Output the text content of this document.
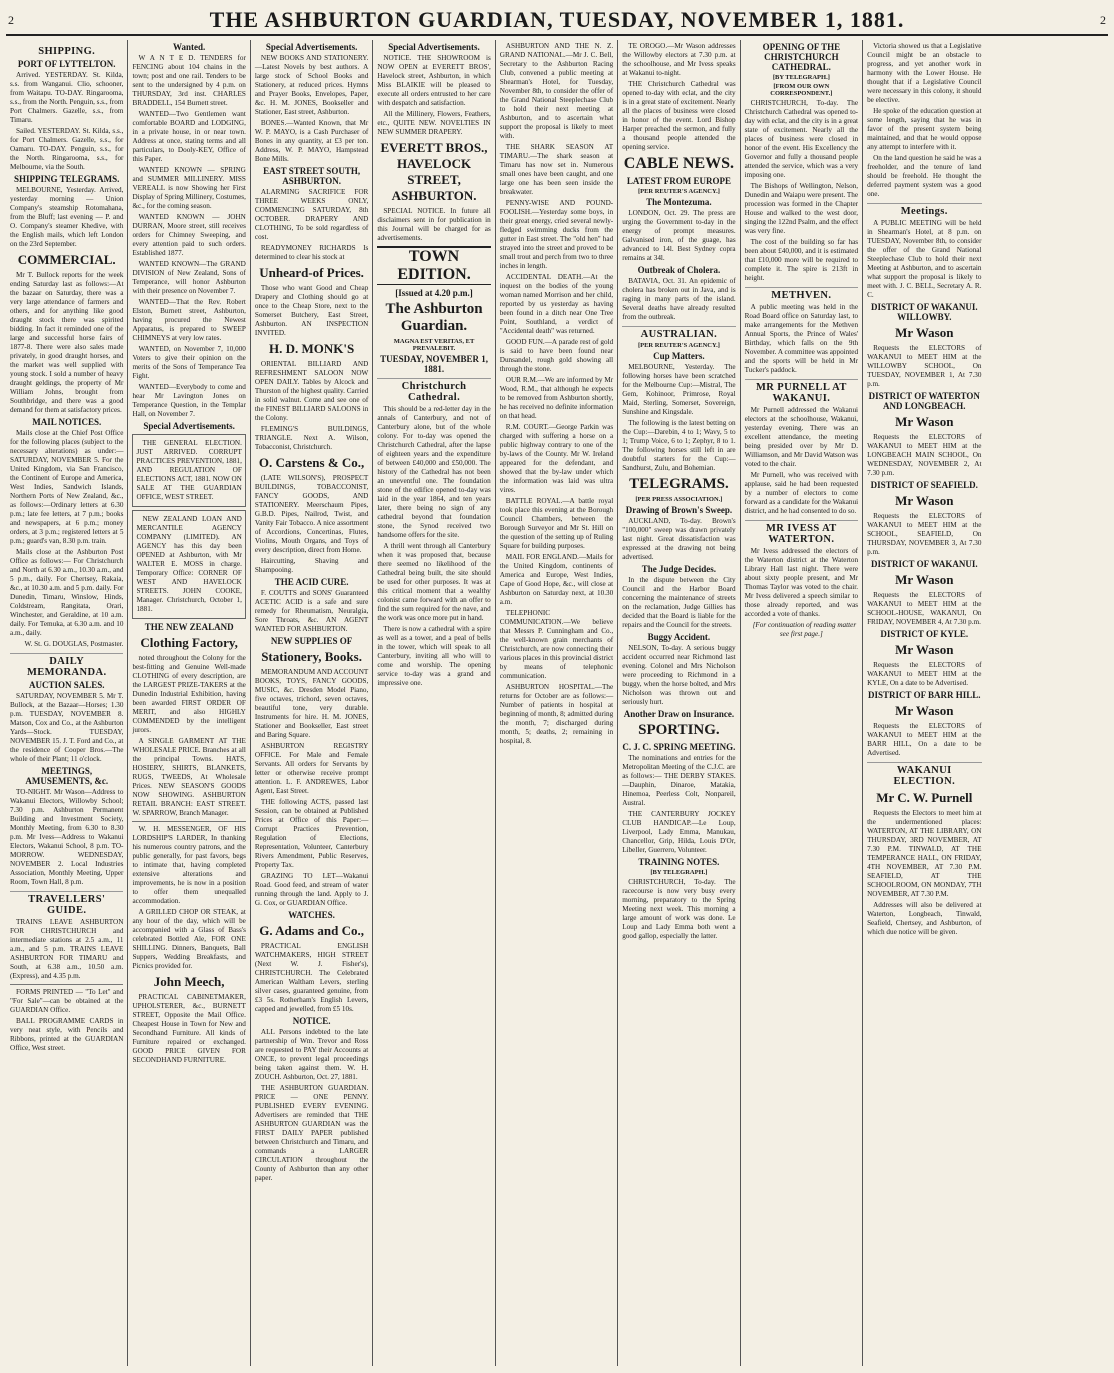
2	THE ASHBURTON GUARDIAN, TUESDAY, NOVEMBER 1, 1881.	2
SHIPPING.
PORT OF LYTTELTON.

Arrived. YESTERDAY. St. Kilda, s.s. from Wanganui. Clio, schooner, from Waitapu. TO-DAY. Ringarooma, s.s., from the North. Penguin, s.s., from Port Chalmers. Gazelle, s.s., from Timaru.

Sailed. YESTERDAY. St. Kilda, s.s., for Port Chalmers. Gazelle, s.s., for Oamaru. TO-DAY. Penguin, s.s., for the North. Ringarooma, s.s., for Melbourne, via the South.

SHIPPING TELEGRAMS.

MELBOURNE, Yesterday. Arrived, yesterday morning — Union Company's steamship Rotomahana, from the Bluff; last evening — P. and O. Company's steamer Khedive, with the English mails, which left London on the 23rd September.

COMMERCIAL.

Mr T. Bullock reports for the week ending Saturday last as follows:—At the bazaar on Saturday, there was a very large attendance of farmers and others, and for anything like good draught stock there was spirited bidding. In fact it reminded one of the large and successful horse fairs of 1877-8. There were also sales made privately, in good draught horses, and the market was well supplied with young stock. I sold a number of heavy draught geldings, the property of Mr William Johns, brought from Southbridge, and there was a good demand for them at satisfactory prices.

MAIL NOTICES.

Mails close at the Chief Post Office for the following places (subject to the necessary alterations) as under:— SATURDAY, NOVEMBER 5. For the United Kingdom, via San Francisco, the Continent of Europe and America, West Indies, Sandwich Islands, Northern Ports of New Zealand, &c., as follows:—Ordinary letters at 6.30 p.m.; late fee letters, at 7 p.m.; books and newspapers, at 6 p.m.; money orders, at 3 p.m.; registered letters at 5 p.m.; guard's van, 8.30 p.m. train.

Mails close at the Ashburton Post Office as follows:— For Christchurch and North at 6.30 a.m., 10.30 a.m., and 5 p.m., daily. For Chertsey, Rakaia, &c., at 10.30 a.m. and 5 p.m. daily. For Dunedin, Timaru, Winslow, Hinds, Coldstream, Rangitata, Orari, Winchester, and Geraldine, at 10 a.m. daily. For Temuka, at 6.30 a.m. and 10 a.m., daily.

W. St. G. DOUGLAS, Postmaster.

DAILY MEMORANDA.
AUCTION SALES.

SATURDAY, NOVEMBER 5. Mr T. Bullock, at the Bazaar—Horses; 1.30 p.m. TUESDAY, NOVEMBER 8. Matson, Cox and Co., at the Ashburton Yards—Stock. TUESDAY, NOVEMBER 15. J. T. Ford and Co., at the residence of Cooper Bros.—The whole of their Plant; 11 o'clock.

MEETINGS, AMUSEMENTS, &c.

TO-NIGHT. Mr Wason—Address to Wakanui Electors, Willowby School; 7.30 p.m. Ashburton Permanent Building and Investment Society, Monthly Meeting, from 6.30 to 8.30 p.m. Mr Ivess—Address to Wakanui Electors, Wakanui School, 8 p.m. TO-MORROW. WEDNESDAY, NOVEMBER 2. Local Industries Association, Monthly Meeting, Upper Room, Town Hall, 8 p.m.

TRAVELLERS' GUIDE.

TRAINS LEAVE ASHBURTON FOR CHRISTCHURCH and intermediate stations at 2.5 a.m., 11 a.m., and 5 p.m. TRAINS LEAVE ASHBURTON FOR TIMARU and South, at 6.38 a.m., 10.50 a.m. (Express), and 4.35 p.m.

FORMS PRINTED — "To Let" and "For Sale"—can be obtained at the GUARDIAN Office.

BALL PROGRAMME CARDS in very neat style, with Pencils and Ribbons, printed at the GUARDIAN Office, West street.

Wanted.

W A N T E D. TENDERS for FENCING about 104 chains in the town; post and one rail. Tenders to be sent to the undersigned by 4 p.m. on THURSDAY, 3rd inst. CHARLES BRADDELL, 154 Burnett street.

WANTED—Two Gentlemen want comfortable BOARD and LODGING, in a private house, in or near town. Address at once, stating terms and all particulars, to Dooly-KEY, Office of this Paper.

WANTED KNOWN — SPRING and SUMMER MILLINERY. MISS VEREALL is now Showing her First Display of Spring Millinery, Costumes, &c., for the coming season.

WANTED KNOWN — JOHN DURRAN, Moore street, still receives orders for Chimney Sweeping, and every attention paid to such orders. Established 1877.

WANTED KNOWN—The GRAND DIVISION of New Zealand, Sons of Temperance, will honor Ashburton with their presence on November 7.

WANTED—That the Rev. Robert Elston, Burnett street, Ashburton, having procured the Newest Apparatus, is prepared to SWEEP CHIMNEYS at very low rates.

WANTED, on November 7, 10,000 Voters to give their opinion on the merits of the Sons of Temperance Tea Fight.

WANTED—Everybody to come and hear Mr Lavington Jones on Temperance Question, in the Templar Hall, on November 7.

Special Advertisements.

THE GENERAL ELECTION. JUST ARRIVED. CORRUPT PRACTICES PREVENTION, 1881, AND REGULATION OF ELECTIONS ACT, 1881. NOW ON SALE AT THE GUARDIAN OFFICE, WEST STREET.

NEW ZEALAND LOAN AND MERCANTILE AGENCY COMPANY (LIMITED). AN AGENCY has this day been OPENED at Ashburton, with Mr WALTER E. MOSS in charge. Temporary Office: CORNER OF WEST AND HAVELOCK STREETS. JOHN COOKE, Manager. Christchurch, October 1, 1881.

THE NEW ZEALAND
Clothing Factory,

noted throughout the Colony for the best-fitting and Genuine Well-made CLOTHING of every description, are the LARGEST PRIZE-TAKERS at the Dunedin Industrial Exhibition, having been awarded FIRST ORDER OF MERIT, and also HIGHLY COMMENDED by the intelligent jurors.

A SINGLE GARMENT AT THE WHOLESALE PRICE. Branches at all the principal Towns. HATS, HOSIERY, SHIRTS, BLANKETS, RUGS, TWEEDS, At Wholesale Prices. NEW SEASON'S GOODS NOW SHOWING. ASHBURTON RETAIL BRANCH: EAST STREET. W. SPARROW, Branch Manager.

W. H. MESSENGER, OF HIS LORDSHIP'S LARDER, In thanking his numerous country patrons, and the public generally, for past favors, begs to intimate that, having completed extensive alterations and improvements, he is now in a position to offer them unequalled accommodation.

A GRILLED CHOP OR STEAK, at any hour of the day, which will be accompanied with a Glass of Bass's celebrated Bottled Ale, FOR ONE SHILLING. Dinners, Banquets, Ball Suppers, Wedding Breakfasts, and Picnics provided for.

John Meech,

PRACTICAL CABINETMAKER, UPHOLSTERER, &c., BURNETT STREET, Opposite the Mail Office. Cheapest House in Town for New and Secondhand Furniture. All kinds of Furniture repaired or exchanged. GOOD PRICE GIVEN FOR SECONDHAND FURNITURE.

Special Advertisements.

NEW BOOKS AND STATIONERY. —Latest Novels by best authors. A large stock of School Books and Stationery, at reduced prices. Hymns and Prayer Books, Envelopes, Paper, &c. H. M. JONES, Bookseller and Stationer, East street, Ashburton.

BONES.—Wanted Known, that Mr W. P. MAYO, is a Cash Purchaser of Bones in any quantity, at £3 per ton. Address, W. P. MAYO, Hampstead Bone Mills.

EAST STREET SOUTH, ASHBURTON.

ALARMING SACRIFICE FOR THREE WEEKS ONLY, COMMENCING SATURDAY, 8th OCTOBER. DRAPERY AND CLOTHING, To be sold regardless of cost.

READYMONEY RICHARDS Is determined to clear his stock at

Unheard-of Prices.

Those who want Good and Cheap Drapery and Clothing should go at once to the Cheap Store, next to the Somerset Butchery, East Street, Ashburton. AN INSPECTION INVITED.

H. D. MONK'S

ORIENTAL BILLIARD AND REFRESHMENT SALOON NOW OPEN DAILY. Tables by Alcock and Thurston of the highest quality. Carried in solid walnut. Come and see one of the FINEST BILLIARD SALOONS in the Colony.

FLEMING'S BUILDINGS, TRIANGLE. Next A. Wilson, Tobacconist, Christchurch.

O. Carstens & Co.,

(LATE WILSON'S), PROSPECT BUILDINGS, TOBACCONIST, FANCY GOODS, AND STATIONERY. Meerschaum Pipes, G.B.D. Pipes, Nailrod, Twist, and Vanity Fair Tobacco. A nice assortment of Accordions, Concertinas, Flutes, Violins, Mouth Organs, and Toys of every description, direct from Home.

Haircutting, Shaving and Shampooing.

THE ACID CURE.

F. COUTTS and SONS' Guaranteed ACETIC ACID is a safe and sure remedy for Rheumatism, Neuralgia, Sore Throats, &c. AN AGENT WANTED FOR ASHBURTON.

NEW SUPPLIES OF
Stationery, Books.

MEMORANDUM AND ACCOUNT BOOKS, TOYS, FANCY GOODS, MUSIC, &c. Dresden Model Piano, five octaves, trichord, seven octaves, beautiful tone, very durable. Instruments for hire. H. M. JONES, Stationer and Bookseller, East street and Baring Square.

ASHBURTON REGISTRY OFFICE. For Male and Female Servants. All orders for Servants by letter or otherwise receive prompt attention. L. F. ANDREWES, Labor Agent, East Street.

THE following ACTS, passed last Session, can be obtained at Published Prices at Office of this Paper:— Corrupt Practices Prevention, Regulation of Elections, Representation, Volunteer, Canterbury Rivers Amendment, Public Reserves, Property Tax.

GRAZING TO LET—Wakanui Road. Good feed, and stream of water running through the land. Apply to J. G. Cox, or GUARDIAN Office.

WATCHES.
G. Adams and Co.,

PRACTICAL ENGLISH WATCHMAKERS, HIGH STREET (Next W. J. Fisher's), CHRISTCHURCH. The Celebrated American Waltham Levers, sterling silver cases, guaranteed genuine, from £3 5s. Rotherham's English Levers, capped and jewelled, from £5 10s.

NOTICE.

ALL Persons indebted to the late partnership of Wm. Trevor and Ross are requested to PAY their Accounts at ONCE, to prevent legal proceedings being taken against them. W. H. ZOUCH. Ashburton, Oct. 27, 1881.

THE ASHBURTON GUARDIAN. PRICE — ONE PENNY. PUBLISHED EVERY EVENING. Advertisers are reminded that THE ASHBURTON GUARDIAN was the FIRST DAILY PAPER published between Christchurch and Timaru, and commands a LARGER CIRCULATION throughout the County of Ashburton than any other paper.

Special Advertisements.

NOTICE. THE SHOWROOM is NOW OPEN at EVERETT BROS', Havelock street, Ashburton, in which Miss BLAIKIE will be pleased to execute all orders entrusted to her care with despatch and satisfaction.

All the Millinery, Flowers, Feathers, etc., QUITE NEW. NOVELTIES IN NEW SUMMER DRAPERY.

EVERETT BROS., HAVELOCK STREET, ASHBURTON.

SPECIAL NOTICE. In future all disclaimers sent in for publication in this Journal will be charged for as advertisements.

TOWN EDITION.
[Issued at 4.20 p.m.]
The Ashburton Guardian.
MAGNA EST VERITAS, ET PREVALEBIT.
TUESDAY, NOVEMBER 1, 1881.
Christchurch Cathedral.

This should be a red-letter day in the annals of Canterbury, and not of Canterbury alone, but of the whole colony. For to-day was opened the Christchurch Cathedral, after the lapse of eighteen years and the expenditure of between £40,000 and £50,000. The history of the Cathedral has not been an uneventful one. The foundation stone of the edifice opened to-day was laid in the year 1864, and ten years later, there being no sign of any cathedral beyond that foundation stone, the Synod received two handsome offers for the site.

A thrill went through all Canterbury when it was proposed that, because there seemed no likelihood of the Cathedral being built, the site should be used for other purposes. It was at this critical moment that a wealthy colonist came forward with an offer to find the sum required for the nave, and the work was once more put in hand.

There is now a cathedral with a spire as well as a tower, and a peal of bells in the tower, which will speak to all Canterbury, inviting all who will to come and worship. The opening service to-day was a grand and impressive one.

ASHBURTON AND THE N. Z. GRAND NATIONAL.—Mr J. C. Bell, Secretary to the Ashburton Racing Club, convened a public meeting at Shearman's Hotel, for Tuesday, November 8th, to consider the offer of the Grand National Steeplechase Club to hold their next meeting at Ashburton, and to ascertain what support the proposal is likely to meet with.

THE SHARK SEASON AT TIMARU.—The shark season at Timaru has now set in. Numerous small ones have been caught, and one large one has been seen inside the breakwater.

PENNY-WISE AND POUND-FOOLISH.—Yesterday some boys, in their great energy, cried several newly-fledged swimming ducks from the gutter in East street. The "old hen" had strayed into the street and proved to be small trout and perch from two to three inches in length.

ACCIDENTAL DEATH.—At the inquest on the bodies of the young woman named Morrison and her child, reported by us yesterday as having been found in a ditch near One Tree Point, Southland, a verdict of "Accidental death" was returned.

GOOD FUN.—A parade rest of gold is said to have been found near Dunsandel, rough gold showing all through the stone.

OUR R.M.—We are informed by Mr Wood, R.M., that although he expects to be removed from Ashburton shortly, he has received no definite information on that head.

R.M. COURT.—George Parkin was charged with suffering a horse on a public highway contrary to one of the by-laws of the County. Mr W. Ireland appeared for the defendant, and showed that the by-law under which the information was laid was ultra vires.

BATTLE ROYAL.—A battle royal took place this evening at the Borough Council Chambers, between the Borough Surveyor and Mr St. Hill on the question of the setting up of Ruling Square for building purposes.

MAIL FOR ENGLAND.—Mails for the United Kingdom, continents of America and Europe, West Indies, Cape of Good Hope, &c., will close at Ashburton on Saturday next, at 10.30 a.m.

TELEPHONIC COMMUNICATION.—We believe that Messrs P. Cunningham and Co., the well-known grain merchants of Christchurch, are now connecting their various places in this provincial district by means of telephonic communication.

ASHBURTON HOSPITAL.—The returns for October are as follows:—Number of patients in hospital at beginning of month, 8; admitted during the month, 7; discharged during month, 5; deaths, 2; remaining in hospital, 8.

TE OROGO.—Mr Wason addresses the Willowby electors at 7.30 p.m. at the schoolhouse, and Mr Ivess speaks at Wakanui to-night.

THE Christchurch Cathedral was opened to-day with eclat, and the city is in a great state of excitement. Nearly all the places of business were closed in honor of the event. Lord Bishop Harper preached the sermon, and fully a thousand people attended the opening service.

CABLE NEWS.
LATEST FROM EUROPE
[PER REUTER'S AGENCY.]
The Montezuma.

LONDON, Oct. 29. The press are urging the Government to-day in the energy of prompt measures. Galvanised iron, of the guage, has advanced to 14l. Best Sydney copra remains at 34l.

Outbreak of Cholera.

BATAVIA, Oct. 31. An epidemic of cholera has broken out in Java, and is raging in many parts of the island. Several deaths have already resulted from the outbreak.

AUSTRALIAN.
[PER REUTER'S AGENCY.]
Cup Matters.

MELBOURNE, Yesterday. The following horses have been scratched for the Melbourne Cup:—Mistral, The Gem, Kohinoor, Primrose, Royal Maid, Sterling, Somerset, Sovereign, Sunshine and Kingsdale.

The following is the latest betting on the Cup:—Darebin, 4 to 1; Wavy, 5 to 1; Trump Voice, 6 to 1; Zephyr, 8 to 1. The following horses still left in are doubtful starters for the Cup:—Sandhurst, Zulu, and Bohemian.

TELEGRAMS.
[PER PRESS ASSOCIATION.]
Drawing of Brown's Sweep.

AUCKLAND, To-day. Brown's "100,000" sweep was drawn privately last night. Great dissatisfaction was expressed at the drawing not being advertised.

The Judge Decides.

In the dispute between the City Council and the Harbor Board concerning the maintenance of streets on the reclamation, Judge Gillies has decided that the Board is liable for the repairs and the Council for the streets.

Buggy Accident.

NELSON, To-day. A serious buggy accident occurred near Richmond last evening. Colonel and Mrs Nicholson were proceeding to Richmond in a buggy, when the horse bolted, and Mrs Nicholson was thrown out and seriously hurt.

Another Draw on Insurance.
SPORTING.
C. J. C. SPRING MEETING.

The nominations and entries for the Metropolitan Meeting of the C.J.C. are as follows:— THE DERBY STAKES.—Dauphin, Dinaroe, Matakia, Hinemoa, Peerless Colt, Nonpareil, Austral.

THE CANTERBURY JOCKEY CLUB HANDICAP.—Le Loup, Liverpool, Lady Emma, Manukau, Chancellor, Grip, Hilda, Louis D'Or, Libeller, Guerrero, Volunteer.

TRAINING NOTES.
[BY TELEGRAPH.]

CHRISTCHURCH, To-day. The racecourse is now very busy every morning, preparatory to the Spring Meeting next week. This morning a large amount of work was done. Le Loup and Lady Emma both went a good gallop, especially the latter.

OPENING OF THE CHRISTCHURCH CATHEDRAL.
[BY TELEGRAPH.]
[FROM OUR OWN CORRESPONDENT.]

CHRISTCHURCH, To-day. The Christchurch Cathedral was opened to-day with eclat, and the city is in a great state of excitement. Nearly all the places of business were closed in honor of the event. His Excellency the Governor and fully a thousand people attended the service, which was a very imposing one.

The Bishops of Wellington, Nelson, Dunedin and Waiapu were present. The procession was formed in the Chapter House and walked to the west door, singing the 122nd Psalm, and the effect was very fine.

The cost of the building so far has been about £40,000, and it is estimated that £10,000 more will be required to complete it. The spire is 213ft in height.

METHVEN.

A public meeting was held in the Road Board office on Saturday last, to make arrangements for the Methven Annual Sports, the Prince of Wales' Birthday, which falls on the 9th November. A committee was appointed and the sports will be held in Mr Tucker's paddock.

MR PURNELL AT WAKANUI.

Mr Purnell addressed the Wakanui electors at the schoolhouse, Wakanui, yesterday evening. There was an excellent attendance, the meeting being presided over by Mr D. Williamson, and Mr David Watson was voted to the chair.

Mr Purnell, who was received with applause, said he had been requested by a number of electors to come forward as a candidate for the Wakanui district, and he had consented to do so.

MR IVESS AT WATERTON.

Mr Ivess addressed the electors of the Waterton district at the Waterton Library Hall last night. There were about sixty people present, and Mr Thomas Taylor was voted to the chair. Mr Ivess delivered a speech similar to those already reported, and was accorded a vote of thanks.

[For continuation of reading matter see first page.]

Victoria showed us that a Legislative Council might be an obstacle to progress, and yet another work in harmony with the Lower House. He thought that if a Legislative Council were necessary in this colony, it should be elective.

He spoke of the education question at some length, saying that he was in favor of the present system being maintained, and that he would oppose any attempt to interfere with it.

On the land question he said he was a freeholder, and the tenure of land should be freehold. He thought the deferred payment system was a good one.

Meetings.

A PUBLIC MEETING will be held in Shearman's Hotel, at 8 p.m. on TUESDAY, November 8th, to consider the offer of the Grand National Steeplechase Club to hold their next Meeting at Ashburton, and to ascertain what support the proposal is likely to meet with. J. C. BELL, Secretary A. R. C.

DISTRICT OF WAKANUI. WILLOWBY.
Mr Wason

Requests the ELECTORS of WAKANUI to MEET HIM at the WILLOWBY SCHOOL, On TUESDAY, NOVEMBER 1, At 7.30 p.m.

DISTRICT OF WATERTON AND LONGBEACH.
Mr Wason

Requests the ELECTORS of WAKANUI to MEET HIM at the LONGBEACH MAIN SCHOOL, On WEDNESDAY, NOVEMBER 2, At 7.30 p.m.

DISTRICT OF SEAFIELD.
Mr Wason

Requests the ELECTORS of WAKANUI to MEET HIM at the SCHOOL, SEAFIELD, On THURSDAY, NOVEMBER 3, At 7.30 p.m.

DISTRICT OF WAKANUI.
Mr Wason

Requests the ELECTORS of WAKANUI to MEET HIM at the SCHOOL-HOUSE, WAKANUI, On FRIDAY, NOVEMBER 4, At 7.30 p.m.

DISTRICT OF KYLE.
Mr Wason

Requests the ELECTORS of WAKANUI to MEET HIM at the KYLE, On a date to be Advertised.

DISTRICT OF BARR HILL.
Mr Wason

Requests the ELECTORS of WAKANUI to MEET HIM at the BARR HILL, On a date to be Advertised.

WAKANUI ELECTION.
Mr C. W. Purnell

Requests the Electors to meet him at the undermentioned places: WATERTON, AT THE LIBRARY, ON THURSDAY, 3RD NOVEMBER, AT 7.30 P.M. TINWALD, AT THE TEMPERANCE HALL, ON FRIDAY, 4TH NOVEMBER, AT 7.30 P.M. SEAFIELD, AT THE SCHOOLROOM, ON MONDAY, 7TH NOVEMBER, AT 7.30 P.M.

Addresses will also be delivered at Waterton, Longbeach, Tinwald, Seafield, Chertsey, and Ashburton, of which due notice will be given.
